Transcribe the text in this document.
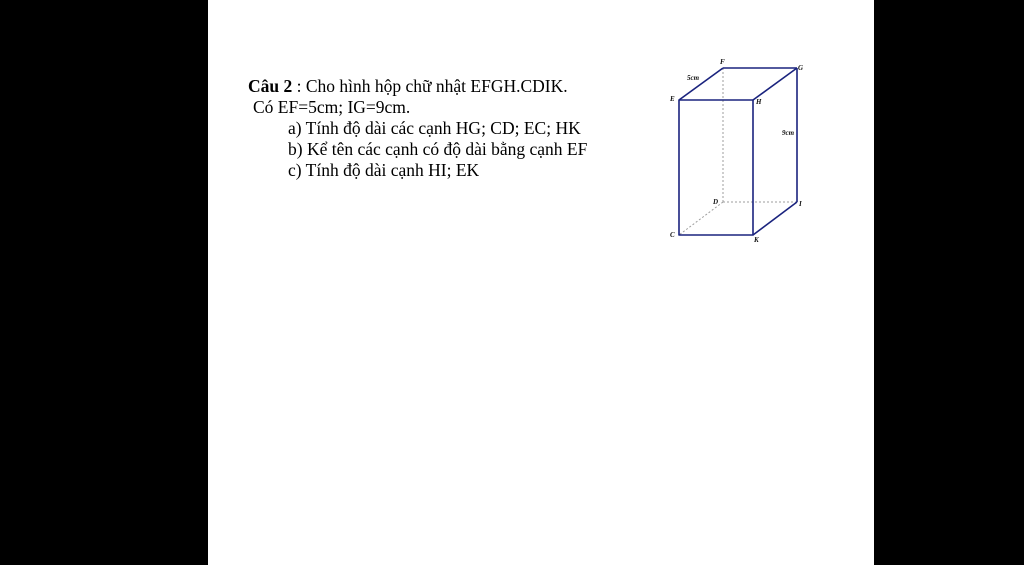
Câu 2 : Cho hình hộp chữ nhật EFGH.CDIK.
Có EF=5cm; IG=9cm.
a) Tính độ dài các cạnh HG; CD; EC; HK
b) Kể tên các cạnh có độ dài bằng cạnh EF
c) Tính độ dài cạnh HI; EK
F
G
E	H
D	I
C
K
5cm
9cm
